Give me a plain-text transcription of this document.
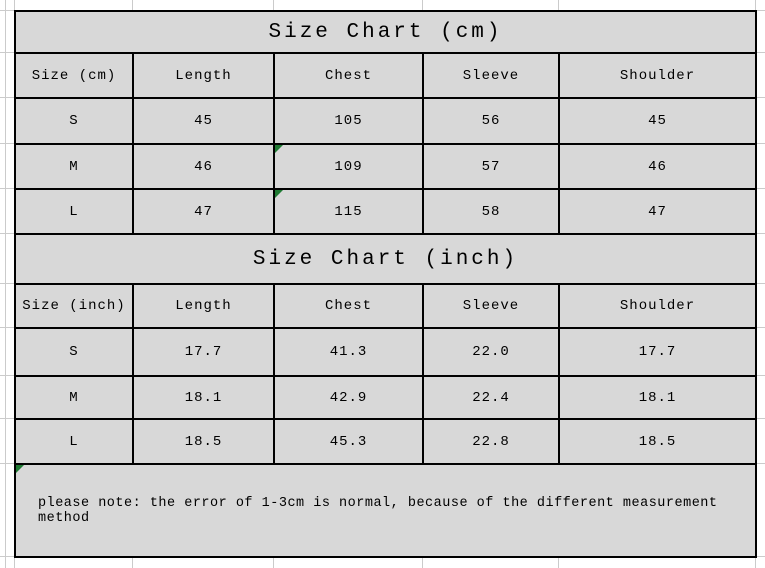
Size Chart (cm)				
Size (cm)	Length	Chest	Sleeve	Shoulder
S	45	105	56	45
M	46	109	57	46
L	47	115	58	47
Size Chart (inch)				
Size (inch)	Length	Chest	Sleeve	Shoulder
S	17.7	41.3	22.0	17.7
M	18.1	42.9	22.4	18.1
L	18.5	45.3	22.8	18.5

please note: the error of 1-3cm is normal, because of the different measurement method				
